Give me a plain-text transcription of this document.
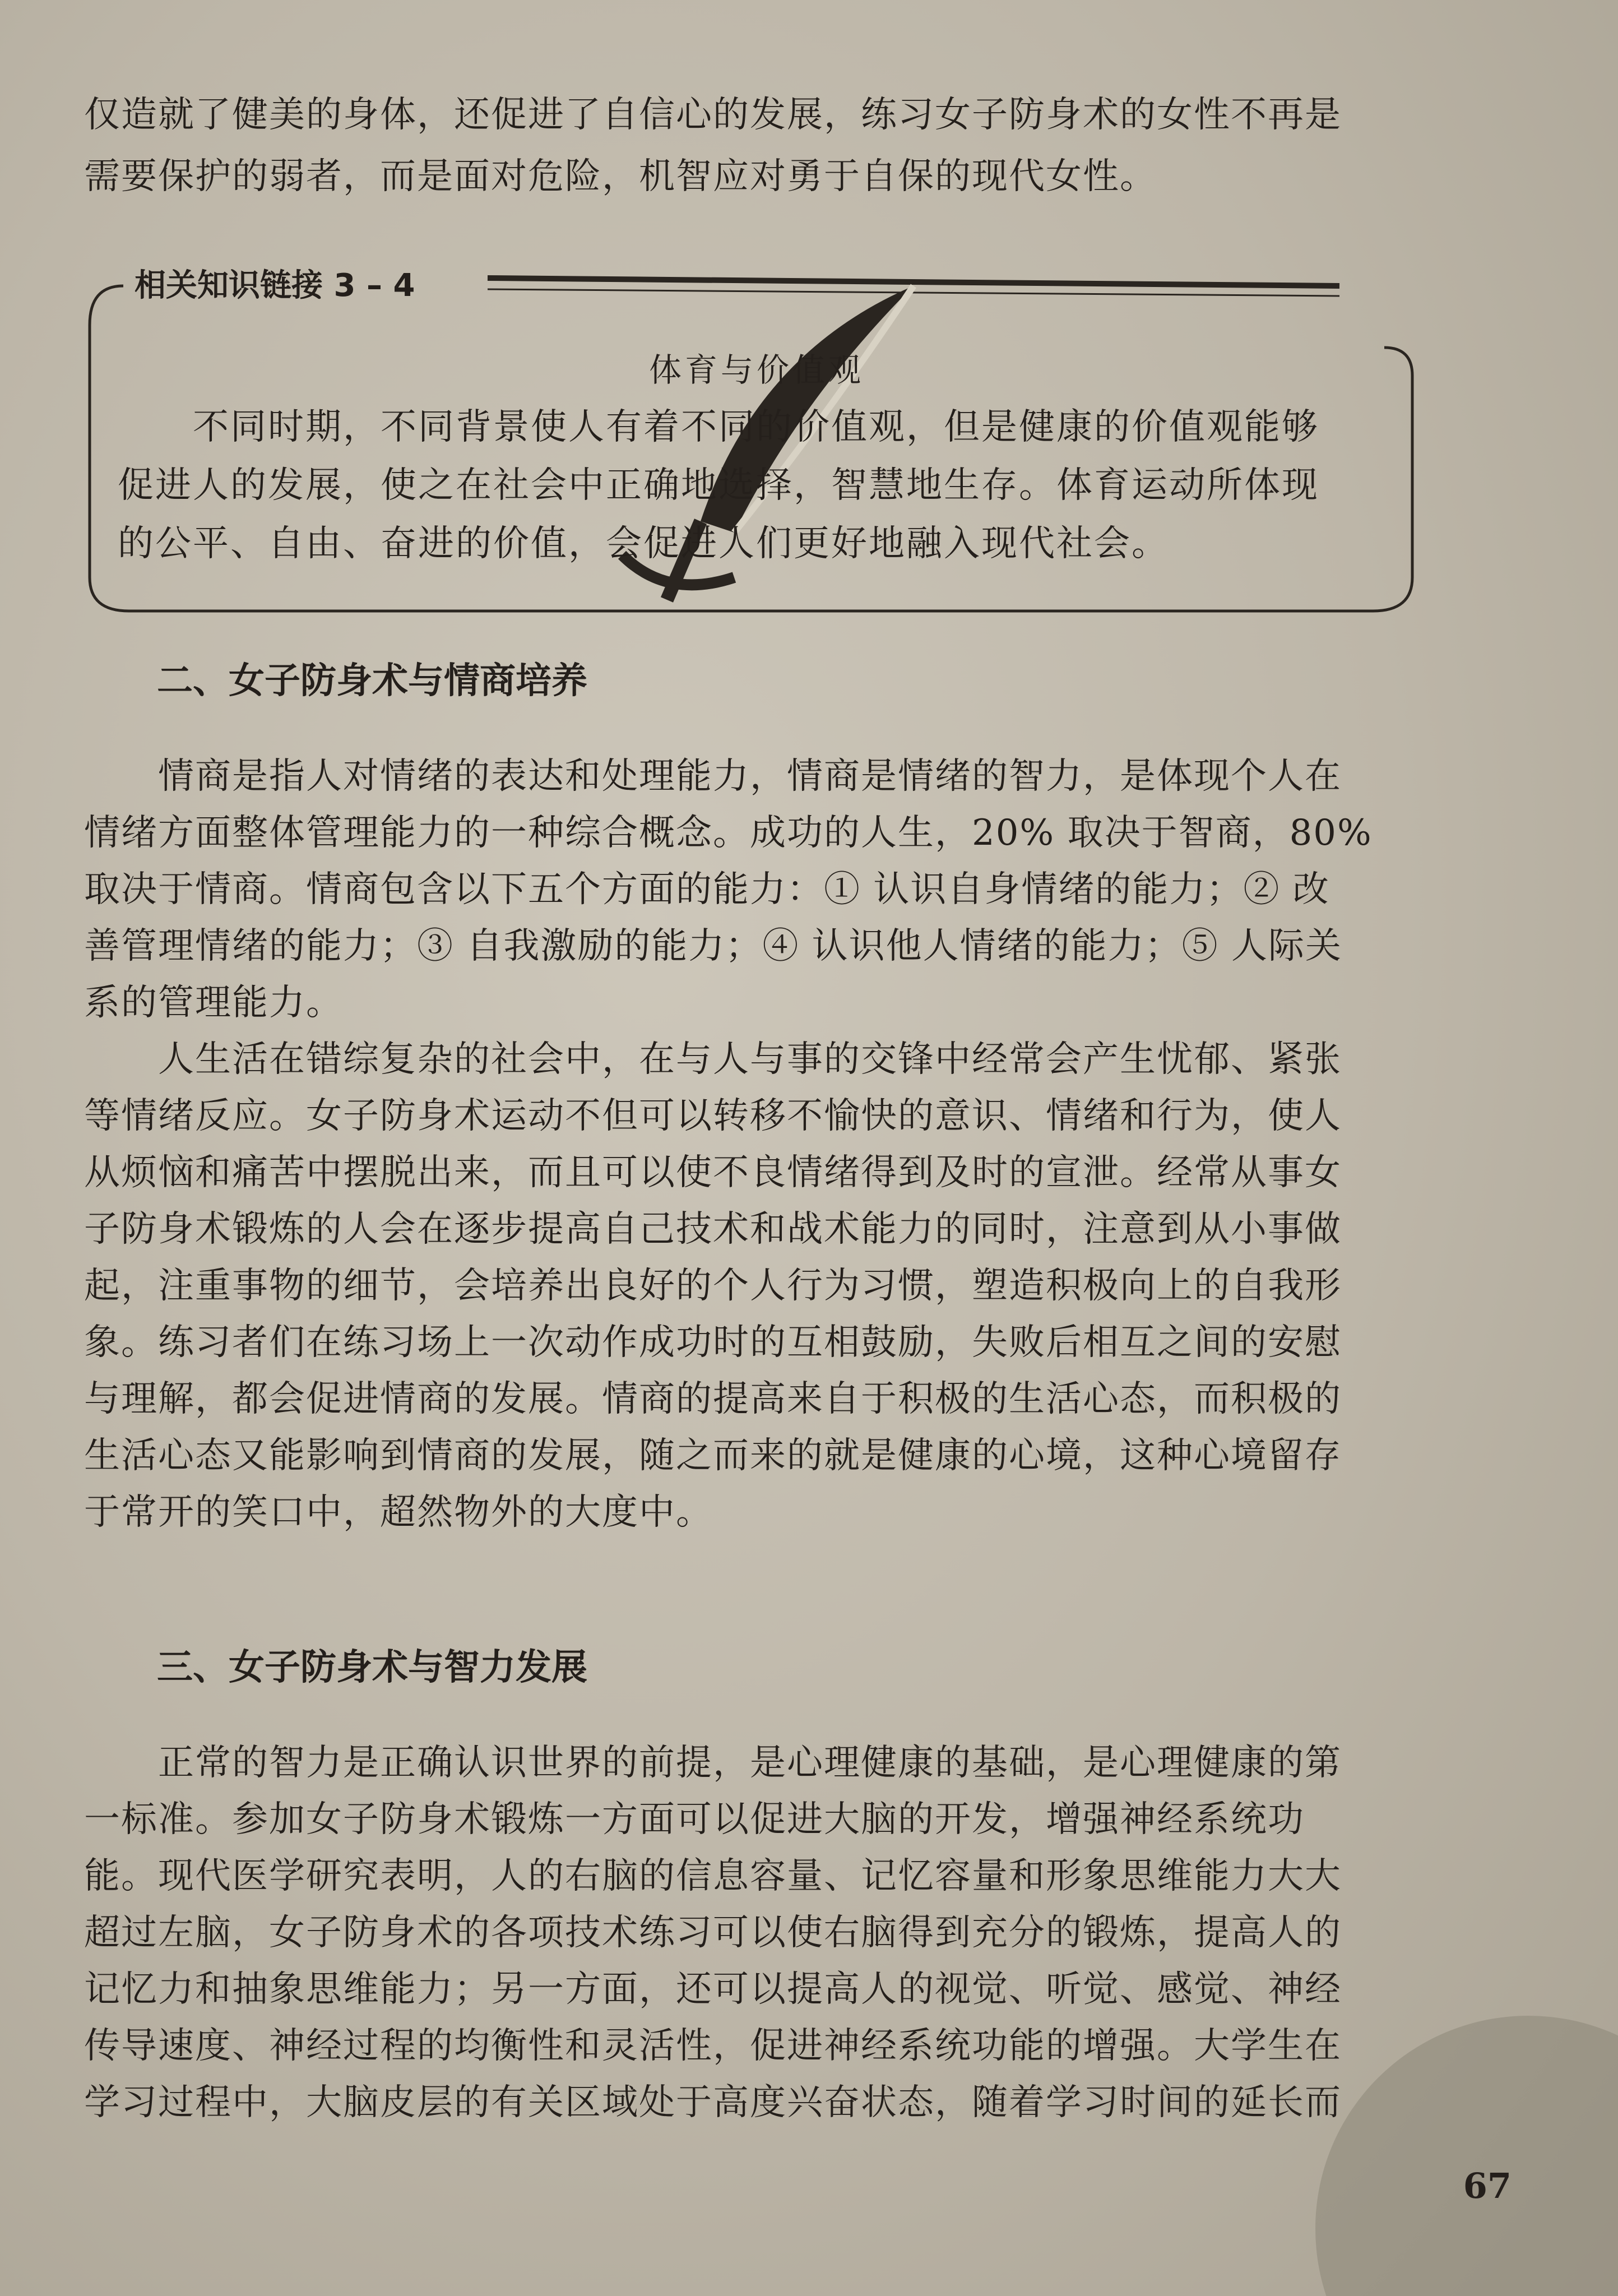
仅造就了健美的身体，还促进了自信心的发展，练习女子防身术的女性不再是
需要保护的弱者，而是面对危险，机智应对勇于自保的现代女性。
相关知识链接 3 – 4
体育与价值观
　　不同时期，不同背景使人有着不同的价值观，但是健康的价值观能够
促进人的发展，使之在社会中正确地选择，智慧地生存。体育运动所体现
的公平、自由、奋进的价值，会促进人们更好地融入现代社会。
二、女子防身术与情商培养
　　情商是指人对情绪的表达和处理能力，情商是情绪的智力，是体现个人在
情绪方面整体管理能力的一种综合概念。成功的人生，20% 取决于智商，80%
取决于情商。情商包含以下五个方面的能力：① 认识自身情绪的能力；② 改
善管理情绪的能力；③ 自我激励的能力；④ 认识他人情绪的能力；⑤ 人际关
系的管理能力。
　　人生活在错综复杂的社会中，在与人与事的交锋中经常会产生忧郁、紧张
等情绪反应。女子防身术运动不但可以转移不愉快的意识、情绪和行为，使人
从烦恼和痛苦中摆脱出来，而且可以使不良情绪得到及时的宣泄。经常从事女
子防身术锻炼的人会在逐步提高自己技术和战术能力的同时，注意到从小事做
起，注重事物的细节，会培养出良好的个人行为习惯，塑造积极向上的自我形
象。练习者们在练习场上一次动作成功时的互相鼓励，失败后相互之间的安慰
与理解，都会促进情商的发展。情商的提高来自于积极的生活心态，而积极的
生活心态又能影响到情商的发展，随之而来的就是健康的心境，这种心境留存
于常开的笑口中，超然物外的大度中。
三、女子防身术与智力发展
　　正常的智力是正确认识世界的前提，是心理健康的基础，是心理健康的第
一标准。参加女子防身术锻炼一方面可以促进大脑的开发，增强神经系统功
能。现代医学研究表明，人的右脑的信息容量、记忆容量和形象思维能力大大
超过左脑，女子防身术的各项技术练习可以使右脑得到充分的锻炼，提高人的
记忆力和抽象思维能力；另一方面，还可以提高人的视觉、听觉、感觉、神经
传导速度、神经过程的均衡性和灵活性，促进神经系统功能的增强。大学生在
学习过程中，大脑皮层的有关区域处于高度兴奋状态，随着学习时间的延长而
67
